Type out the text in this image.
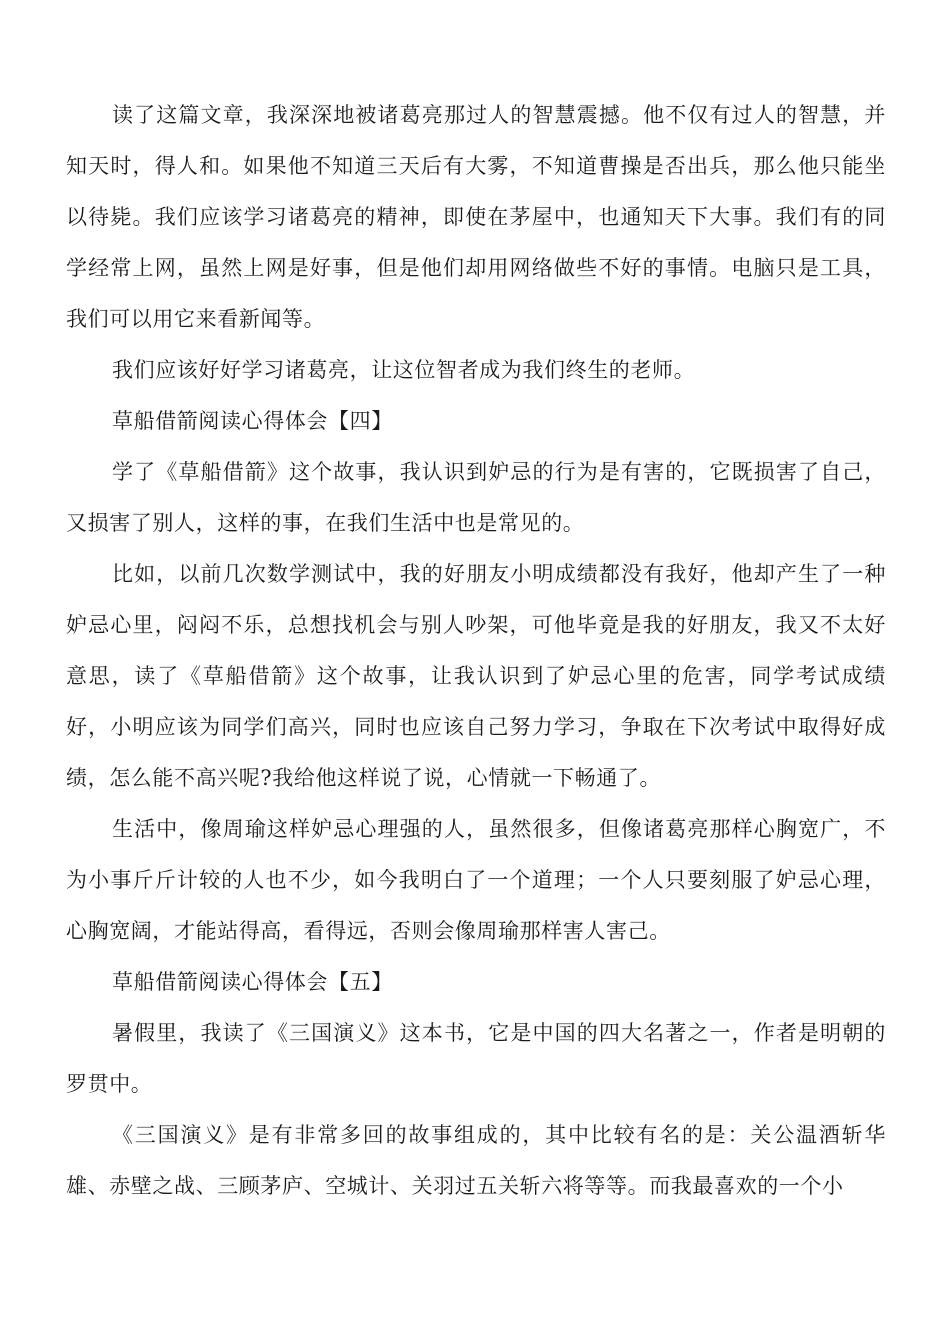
读了这篇文章，我深深地被诸葛亮那过人的智慧震撼。他不仅有过人的智慧，并知天时，得人和。如果他不知道三天后有大雾，不知道曹操是否出兵，那么他只能坐以待毙。我们应该学习诸葛亮的精神，即使在茅屋中，也通知天下大事。我们有的同学经常上网，虽然上网是好事，但是他们却用网络做些不好的事情。电脑只是工具，我们可以用它来看新闻等。

我们应该好好学习诸葛亮，让这位智者成为我们终生的老师。

草船借箭阅读心得体会【四】

学了《草船借箭》这个故事，我认识到妒忌的行为是有害的，它既损害了自己，又损害了别人，这样的事，在我们生活中也是常见的。

比如，以前几次数学测试中，我的好朋友小明成绩都没有我好，他却产生了一种妒忌心里，闷闷不乐，总想找机会与别人吵架，可他毕竟是我的好朋友，我又不太好意思，读了《草船借箭》这个故事，让我认识到了妒忌心里的危害，同学考试成绩好，小明应该为同学们高兴，同时也应该自己努力学习，争取在下次考试中取得好成绩，怎么能不高兴呢?我给他这样说了说，心情就一下畅通了。

生活中，像周瑜这样妒忌心理强的人，虽然很多，但像诸葛亮那样心胸宽广，不为小事斤斤计较的人也不少，如今我明白了一个道理；一个人只要刻服了妒忌心理，心胸宽阔，才能站得高，看得远，否则会像周瑜那样害人害己。

草船借箭阅读心得体会【五】

暑假里，我读了《三国演义》这本书，它是中国的四大名著之一，作者是明朝的罗贯中。

《三国演义》是有非常多回的故事组成的，其中比较有名的是：关公温酒斩华雄、赤壁之战、三顾茅庐、空城计、关羽过五关斩六将等等。而我最喜欢的一个小
